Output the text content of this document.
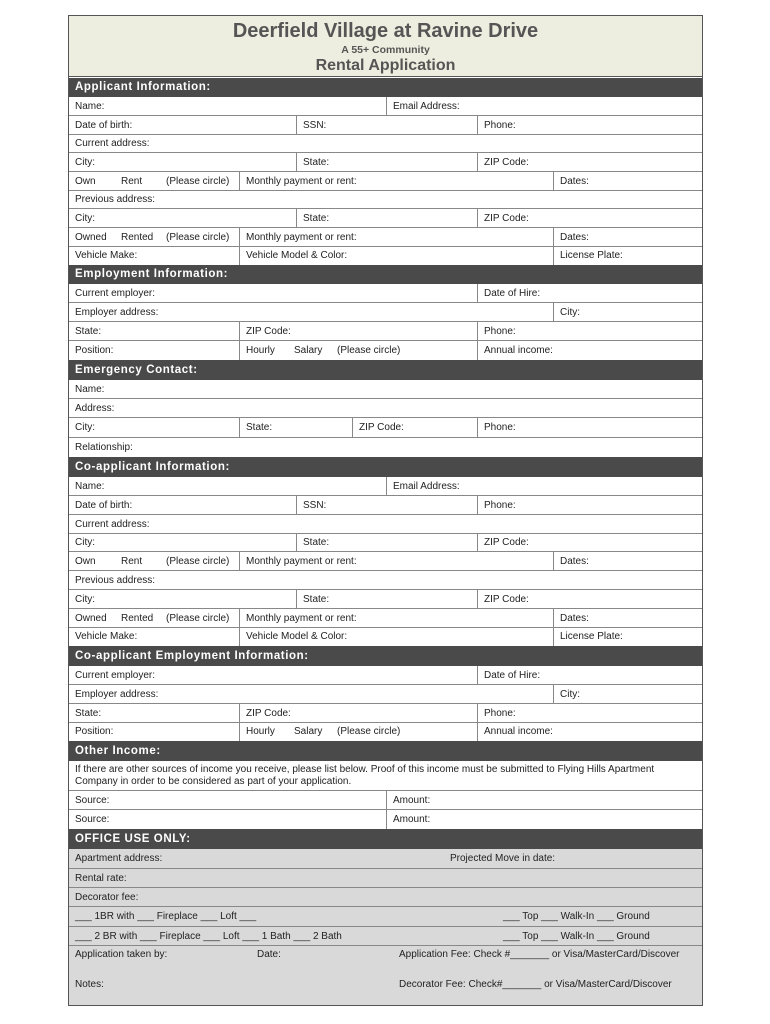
Deerfield Village at Ravine Drive
A 55+ Community
Rental Application
Applicant Information:
Name:	Email Address:
Date of birth:	SSN:	Phone:
Current address:
City:	State:	ZIP Code:
Own	Rent (Please circle)	Monthly payment or rent:	Dates:
Previous address:
City:	State:	ZIP Code:
Owned Rented (Please circle)	Monthly payment or rent:	Dates:
Vehicle Make:	Vehicle Model & Color:	License Plate:
Employment Information:
Current employer:	Date of Hire:
Employer address:	City:
State:	ZIP Code:	Phone:
Position:	Hourly Salary (Please circle)	Annual income:
Emergency Contact:
Name:
Address:
City:	State:	ZIP Code:	Phone:
Relationship:
Co-applicant Information:
Name:	Email Address:
Date of birth:	SSN:	Phone:
Current address:
City:	State:	ZIP Code:
Own	Rent (Please circle)	Monthly payment or rent:	Dates:
Previous address:
City:	State:	ZIP Code:
Owned Rented (Please circle)	Monthly payment or rent:	Dates:
Vehicle Make:	Vehicle Model & Color:	License Plate:
Co-applicant Employment Information:
Current employer:	Date of Hire:
Employer address:	City:
State:	ZIP Code:	Phone:
Position:	Hourly Salary (Please circle)	Annual income:
Other Income:
If there are other sources of income you receive, please list below. Proof of this income must be submitted to Flying Hills Apartment Company in order to be considered as part of your application.
Source:	Amount:
Source:	Amount:
OFFICE USE ONLY:
Apartment address:	Projected Move in date:
Rental rate:
Decorator fee:
___ 1BR with ___ Fireplace ___ Loft ___	___ Top ___ Walk-In ___ Ground
___ 2 BR with ___ Fireplace ___ Loft ___ 1 Bath ___ 2 Bath	___ Top ___ Walk-In ___ Ground
Application taken by:	Date:	Application Fee: Check #_______ or Visa/MasterCard/Discover
Notes:	Decorator Fee: Check#_______ or Visa/MasterCard/Discover
